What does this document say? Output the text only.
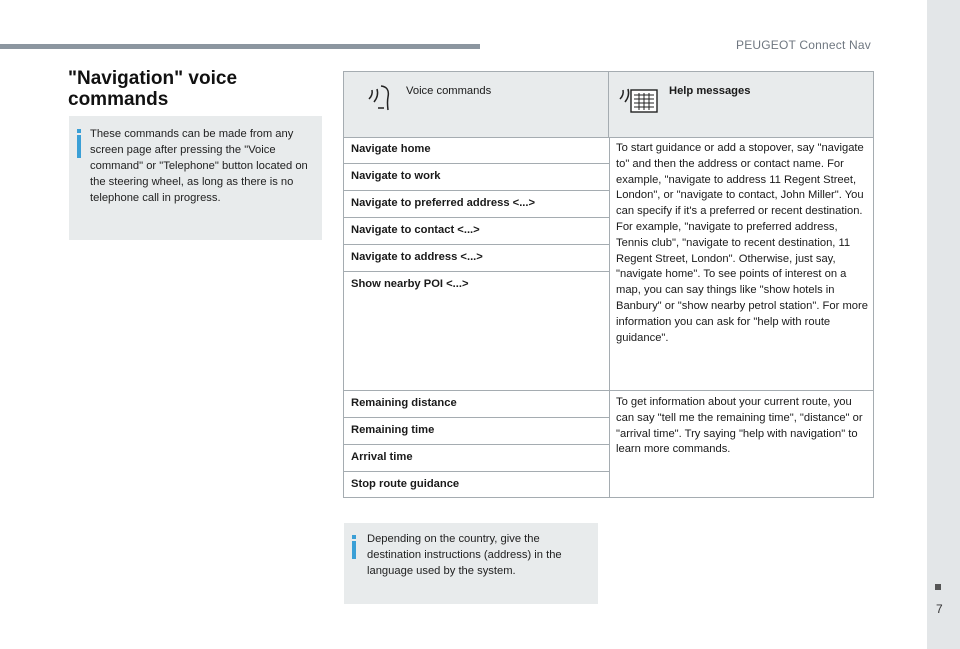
PEUGEOT Connect Nav
7
"Navigation" voice commands

These commands can be made from any screen page after pressing the "Voice command" or "Telephone" button located on the steering wheel, as long as there is no telephone call in progress.

Voice commands	Help messages
Navigate home
Navigate to work
Navigate to preferred address <...>
Navigate to contact <...>
Navigate to address <...>
Show nearby POI <...>

To start guidance or add a stopover, say "navigate to" and then the address or contact name. For example, "navigate to address 11 Regent Street, London", or "navigate to contact, John Miller". You can specify if it's a preferred or recent destination. For example, "navigate to preferred address, Tennis club", "navigate to recent destination, 11 Regent Street, London". Otherwise, just say, "navigate home". To see points of interest on a map, you can say things like "show hotels in Banbury" or "show nearby petrol station". For more information you can ask for "help with route guidance".

Remaining distance
Remaining time
Arrival time
Stop route guidance

To get information about your current route, you can say "tell me the remaining time", "distance" or "arrival time". Try saying "help with navigation" to learn more commands.

Depending on the country, give the destination instructions (address) in the language used by the system.
